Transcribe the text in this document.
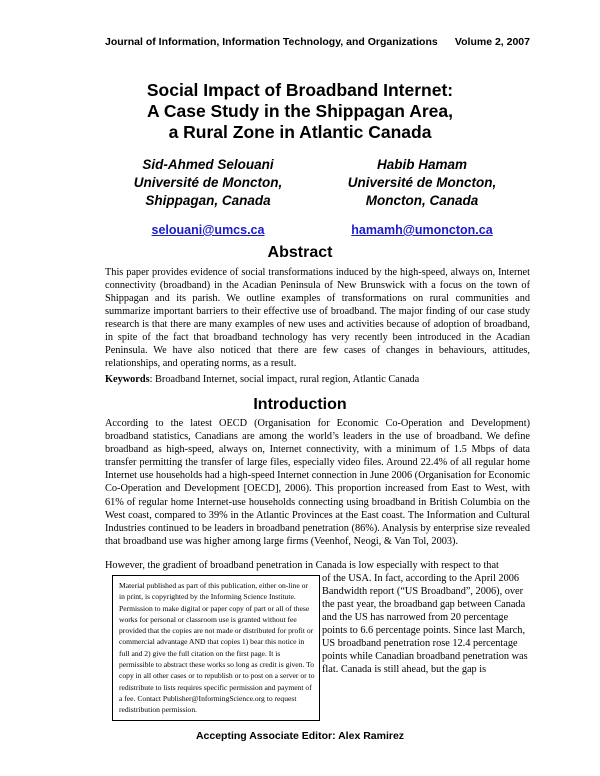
Journal of Information, Information Technology, and Organizations Volume 2, 2007
Social Impact of Broadband Internet:
A Case Study in the Shippagan Area,
a Rural Zone in Atlantic Canada
Sid-Ahmed Selouani
Université de Moncton,
Shippagan, Canada
selouani@umcs.ca
Habib Hamam
Université de Moncton,
Moncton, Canada
hamamh@umoncton.ca
Abstract
This paper provides evidence of social transformations induced by the high-speed, always on, Internet connectivity (broadband) in the Acadian Peninsula of New Brunswick with a focus on the town of Shippagan and its parish. We outline examples of transformations on rural communities and summarize important barriers to their effective use of broadband. The major finding of our case study research is that there are many examples of new uses and activities because of adoption of broadband, in spite of the fact that broadband technology has very recently been introduced in the Acadian Peninsula. We have also noticed that there are few cases of changes in behaviours, attitudes, relationships, and operating norms, as a result.
Keywords: Broadband Internet, social impact, rural region, Atlantic Canada
Introduction
According to the latest OECD (Organisation for Economic Co-Operation and Development) broadband statistics, Canadians are among the world’s leaders in the use of broadband. We define broadband as high-speed, always on, Internet connectivity, with a minimum of 1.5 Mbps of data transfer permitting the transfer of large files, especially video files. Around 22.4% of all regular home Internet use households had a high-speed Internet connection in June 2006 (Organisation for Economic Co-Operation and Development [OECD], 2006). This proportion increased from East to West, with 61% of regular home Internet-use households connecting using broadband in British Columbia on the West coast, compared to 39% in the Atlantic Provinces at the East coast. The Information and Cultural Industries continued to be leaders in broadband penetration (86%). Analysis by enterprise size revealed that broadband use was higher among large firms (Veenhof, Neogi, & Van Tol, 2003).
However, the gradient of broadband penetration in Canada is low especially with respect to that
Material published as part of this publication, either on-line or in print, is copyrighted by the Informing Science Institute. Permission to make digital or paper copy of part or all of these works for personal or classroom use is granted without fee provided that the copies are not made or distributed for profit or commercial advantage AND that copies 1) bear this notice in full and 2) give the full citation on the first page. It is permissible to abstract these works so long as credit is given. To copy in all other cases or to republish or to post on a server or to redistribute to lists requires specific permission and payment of a fee. Contact Publisher@InformingScience.org to request redistribution permission.
of the USA. In fact, according to the April 2006 Bandwidth report (“US Broadband”, 2006), over the past year, the broadband gap between Canada and the US has narrowed from 20 percentage points to 6.6 percentage points. Since last March, US broadband penetration rose 12.4 percentage points while Canadian broadband penetration was flat. Canada is still ahead, but the gap is
Accepting Associate Editor: Alex Ramirez
